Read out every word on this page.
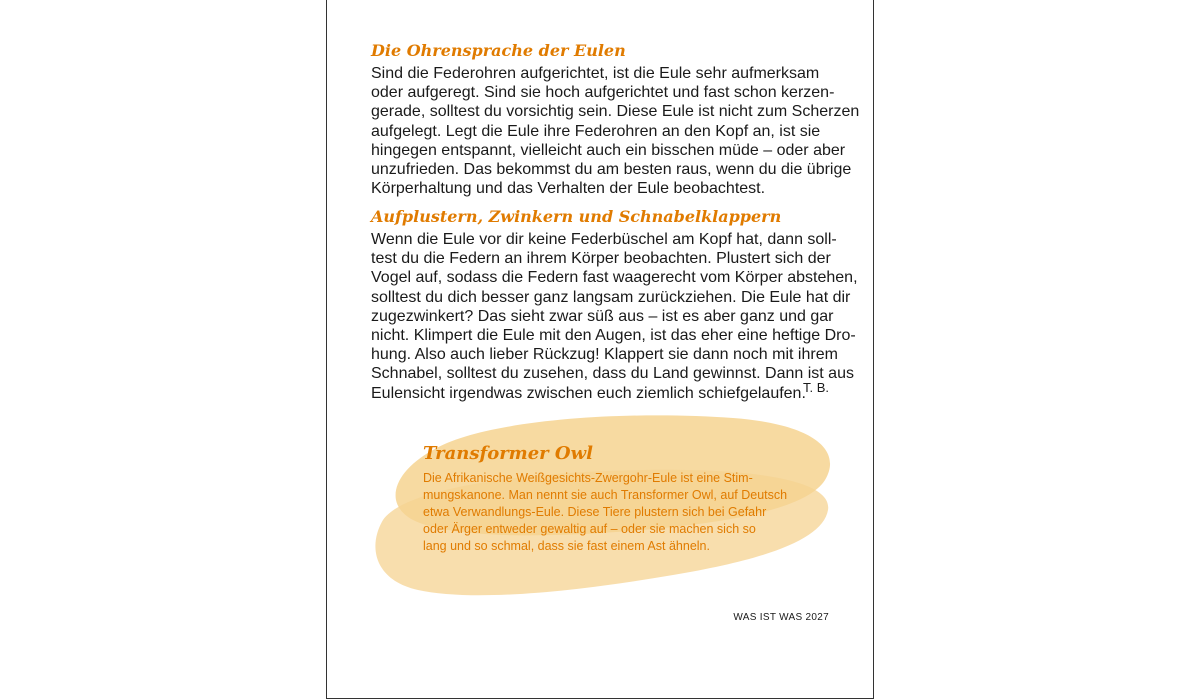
Die Ohrensprache der Eulen

Sind die Federohren aufgerichtet, ist die Eule sehr aufmerksam
oder aufgeregt. Sind sie hoch aufgerichtet und fast schon kerzen-
gerade, solltest du vorsichtig sein. Diese Eule ist nicht zum Scherzen
aufgelegt. Legt die Eule ihre Federohren an den Kopf an, ist sie
hingegen entspannt, vielleicht auch ein bisschen müde – oder aber
unzufrieden. Das bekommst du am besten raus, wenn du die übrige
Körperhaltung und das Verhalten der Eule beobachtest.

Aufplustern, Zwinkern und Schnabelklappern

Wenn die Eule vor dir keine Federbüschel am Kopf hat, dann soll-
test du die Federn an ihrem Körper beobachten. Plustert sich der
Vogel auf, sodass die Federn fast waagerecht vom Körper abstehen,
solltest du dich besser ganz langsam zurückziehen. Die Eule hat dir
zugezwinkert? Das sieht zwar süß aus – ist es aber ganz und gar
nicht. Klimpert die Eule mit den Augen, ist das eher eine heftige Dro-
hung. Also auch lieber Rückzug! Klappert sie dann noch mit ihrem
Schnabel, solltest du zusehen, dass du Land gewinnst. Dann ist aus
Eulensicht irgendwas zwischen euch ziemlich schiefgelaufen.

T. B.
Transformer Owl

Die Afrikanische Weißgesichts-Zwergohr-Eule ist eine Stim-
mungskanone. Man nennt sie auch Transformer Owl, auf Deutsch
etwa Verwandlungs-Eule. Diese Tiere plustern sich bei Gefahr
oder Ärger entweder gewaltig auf – oder sie machen sich so
lang und so schmal, dass sie fast einem Ast ähneln.

WAS IST WAS 2027
